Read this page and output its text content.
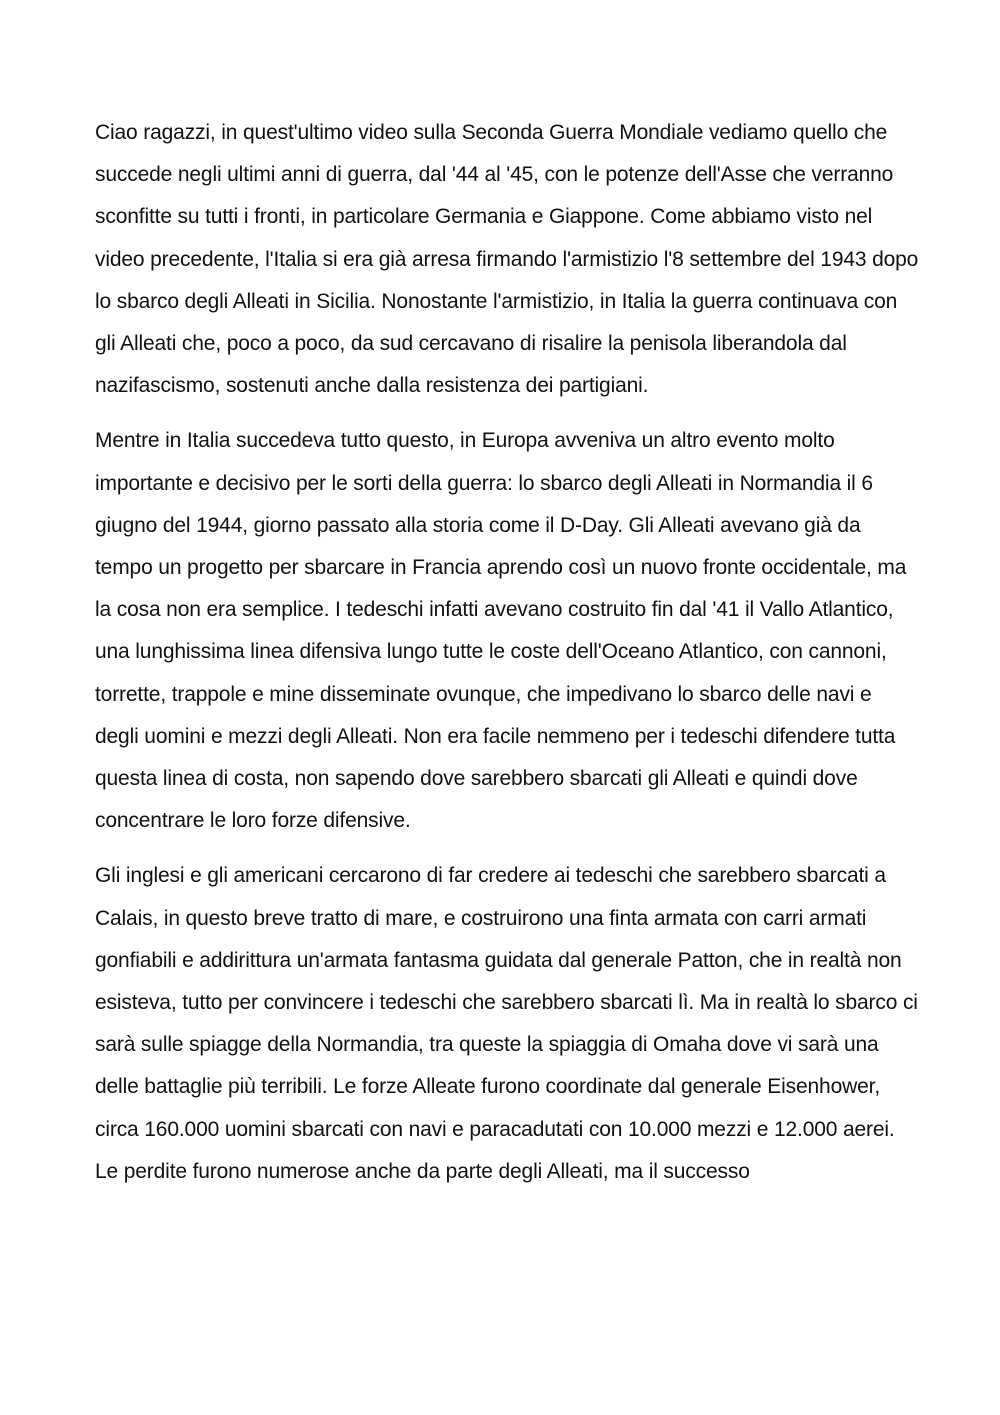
Ciao ragazzi, in quest'ultimo video sulla Seconda Guerra Mondiale vediamo quello che succede negli ultimi anni di guerra, dal '44 al '45, con le potenze dell'Asse che verranno sconfitte su tutti i fronti, in particolare Germania e Giappone. Come abbiamo visto nel video precedente, l'Italia si era già arresa firmando l'armistizio l'8 settembre del 1943 dopo lo sbarco degli Alleati in Sicilia. Nonostante l'armistizio, in Italia la guerra continuava con gli Alleati che, poco a poco, da sud cercavano di risalire la penisola liberandola dal nazifascismo, sostenuti anche dalla resistenza dei partigiani.

Mentre in Italia succedeva tutto questo, in Europa avveniva un altro evento molto importante e decisivo per le sorti della guerra: lo sbarco degli Alleati in Normandia il 6 giugno del 1944, giorno passato alla storia come il D-Day. Gli Alleati avevano già da tempo un progetto per sbarcare in Francia aprendo così un nuovo fronte occidentale, ma la cosa non era semplice. I tedeschi infatti avevano costruito fin dal '41 il Vallo Atlantico, una lunghissima linea difensiva lungo tutte le coste dell'Oceano Atlantico, con cannoni, torrette, trappole e mine disseminate ovunque, che impedivano lo sbarco delle navi e degli uomini e mezzi degli Alleati. Non era facile nemmeno per i tedeschi difendere tutta questa linea di costa, non sapendo dove sarebbero sbarcati gli Alleati e quindi dove concentrare le loro forze difensive.

Gli inglesi e gli americani cercarono di far credere ai tedeschi che sarebbero sbarcati a Calais, in questo breve tratto di mare, e costruirono una finta armata con carri armati gonfiabili e addirittura un'armata fantasma guidata dal generale Patton, che in realtà non esisteva, tutto per convincere i tedeschi che sarebbero sbarcati lì. Ma in realtà lo sbarco ci sarà sulle spiagge della Normandia, tra queste la spiaggia di Omaha dove vi sarà una delle battaglie più terribili. Le forze Alleate furono coordinate dal generale Eisenhower, circa 160.000 uomini sbarcati con navi e paracadutati con 10.000 mezzi e 12.000 aerei. Le perdite furono numerose anche da parte degli Alleati, ma il successo
